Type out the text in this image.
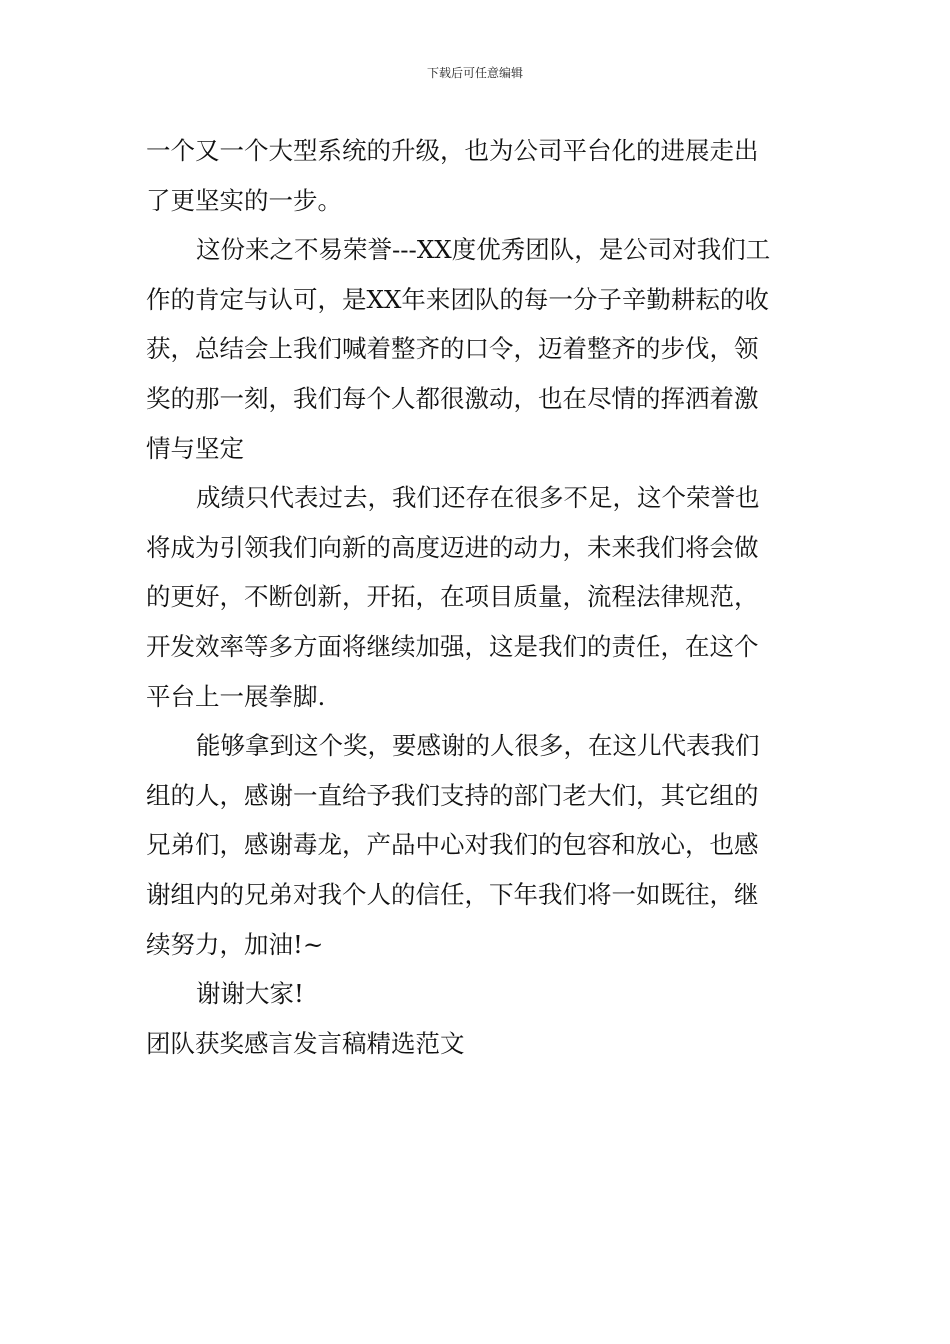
下载后可任意编辑

一个又一个大型系统的升级，也为公司平台化的进展走出
了更坚实的一步。

这份来之不易荣誉---XX度优秀团队，是公司对我们工
作的肯定与认可，是XX年来团队的每一分子辛勤耕耘的收
获，总结会上我们喊着整齐的口令，迈着整齐的步伐，领
奖的那一刻，我们每个人都很激动，也在尽情的挥洒着激
情与坚定

成绩只代表过去，我们还存在很多不足，这个荣誉也
将成为引领我们向新的高度迈进的动力，未来我们将会做
的更好，不断创新，开拓，在项目质量，流程法律规范，
开发效率等多方面将继续加强，这是我们的责任，在这个
平台上一展拳脚.

能够拿到这个奖，要感谢的人很多，在这儿代表我们
组的人，感谢一直给予我们支持的部门老大们，其它组的
兄弟们，感谢毒龙，产品中心对我们的包容和放心，也感
谢组内的兄弟对我个人的信任，下年我们将一如既往，继
续努力，加油!~

谢谢大家!

团队获奖感言发言稿精选范文
